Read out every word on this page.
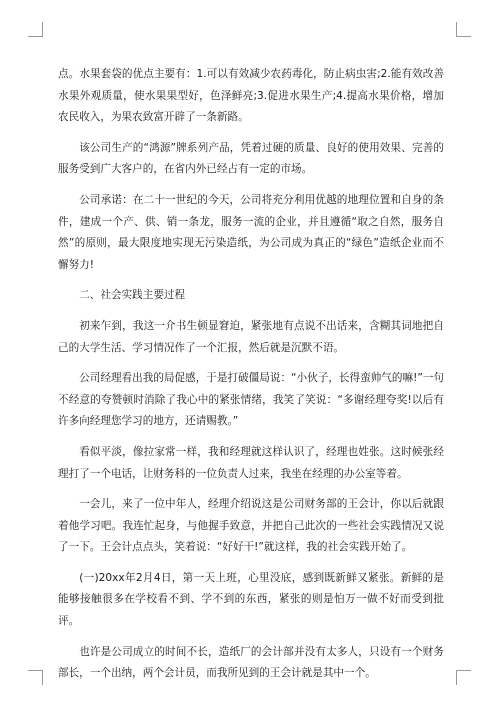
点。水果套袋的优点主要有：1.可以有效减少农药毒化，防止病虫害;2.能有效改善水果外观质量，使水果果型好，色泽鲜亮;3.促进水果生产;4.提高水果价格，增加农民收入，为果农致富开辟了一条新路。

该公司生产的“鸿源”牌系列产品，凭着过硬的质量、良好的使用效果、完善的服务受到广大客户的，在省内外已经占有一定的市场。

公司承诺：在二十一世纪的今天，公司将充分利用优越的地理位置和自身的条件，建成一个产、供、销一条龙，服务一流的企业，并且遵循“取之自然，服务自然”的原则，最大限度地实现无污染造纸，为公司成为真正的“绿色”造纸企业而不懈努力!

二、社会实践主要过程

初来乍到，我这一介书生顿显窘迫，紧张地有点说不出话来，含糊其词地把自己的大学生活、学习情况作了一个汇报，然后就是沉默不语。

公司经理看出我的局促感，于是打破僵局说：“小伙子，长得蛮帅气的嘛!”一句不经意的夸赞顿时消除了我心中的紧张情绪，我笑了笑说：“多谢经理夸奖!以后有许多向经理您学习的地方，还请赐教。”

看似平淡，像拉家常一样，我和经理就这样认识了，经理也姓张。这时候张经理打了一个电话，让财务科的一位负责人过来，我坐在经理的办公室等着。

一会儿，来了一位中年人，经理介绍说这是公司财务部的王会计，你以后就跟着他学习吧。我连忙起身，与他握手致意，并把自己此次的一些社会实践情况又说了一下。王会计点点头，笑着说：“好好干!”就这样，我的社会实践开始了。

(一)20xx年2月4日，第一天上班，心里没底，感到既新鲜又紧张。新鲜的是能够接触很多在学校看不到、学不到的东西，紧张的则是怕万一做不好而受到批评。

也许是公司成立的时间不长，造纸厂的会计部并没有太多人，只设有一个财务部长，一个出纳，两个会计员，而我所见到的王会计就是其中一个。
